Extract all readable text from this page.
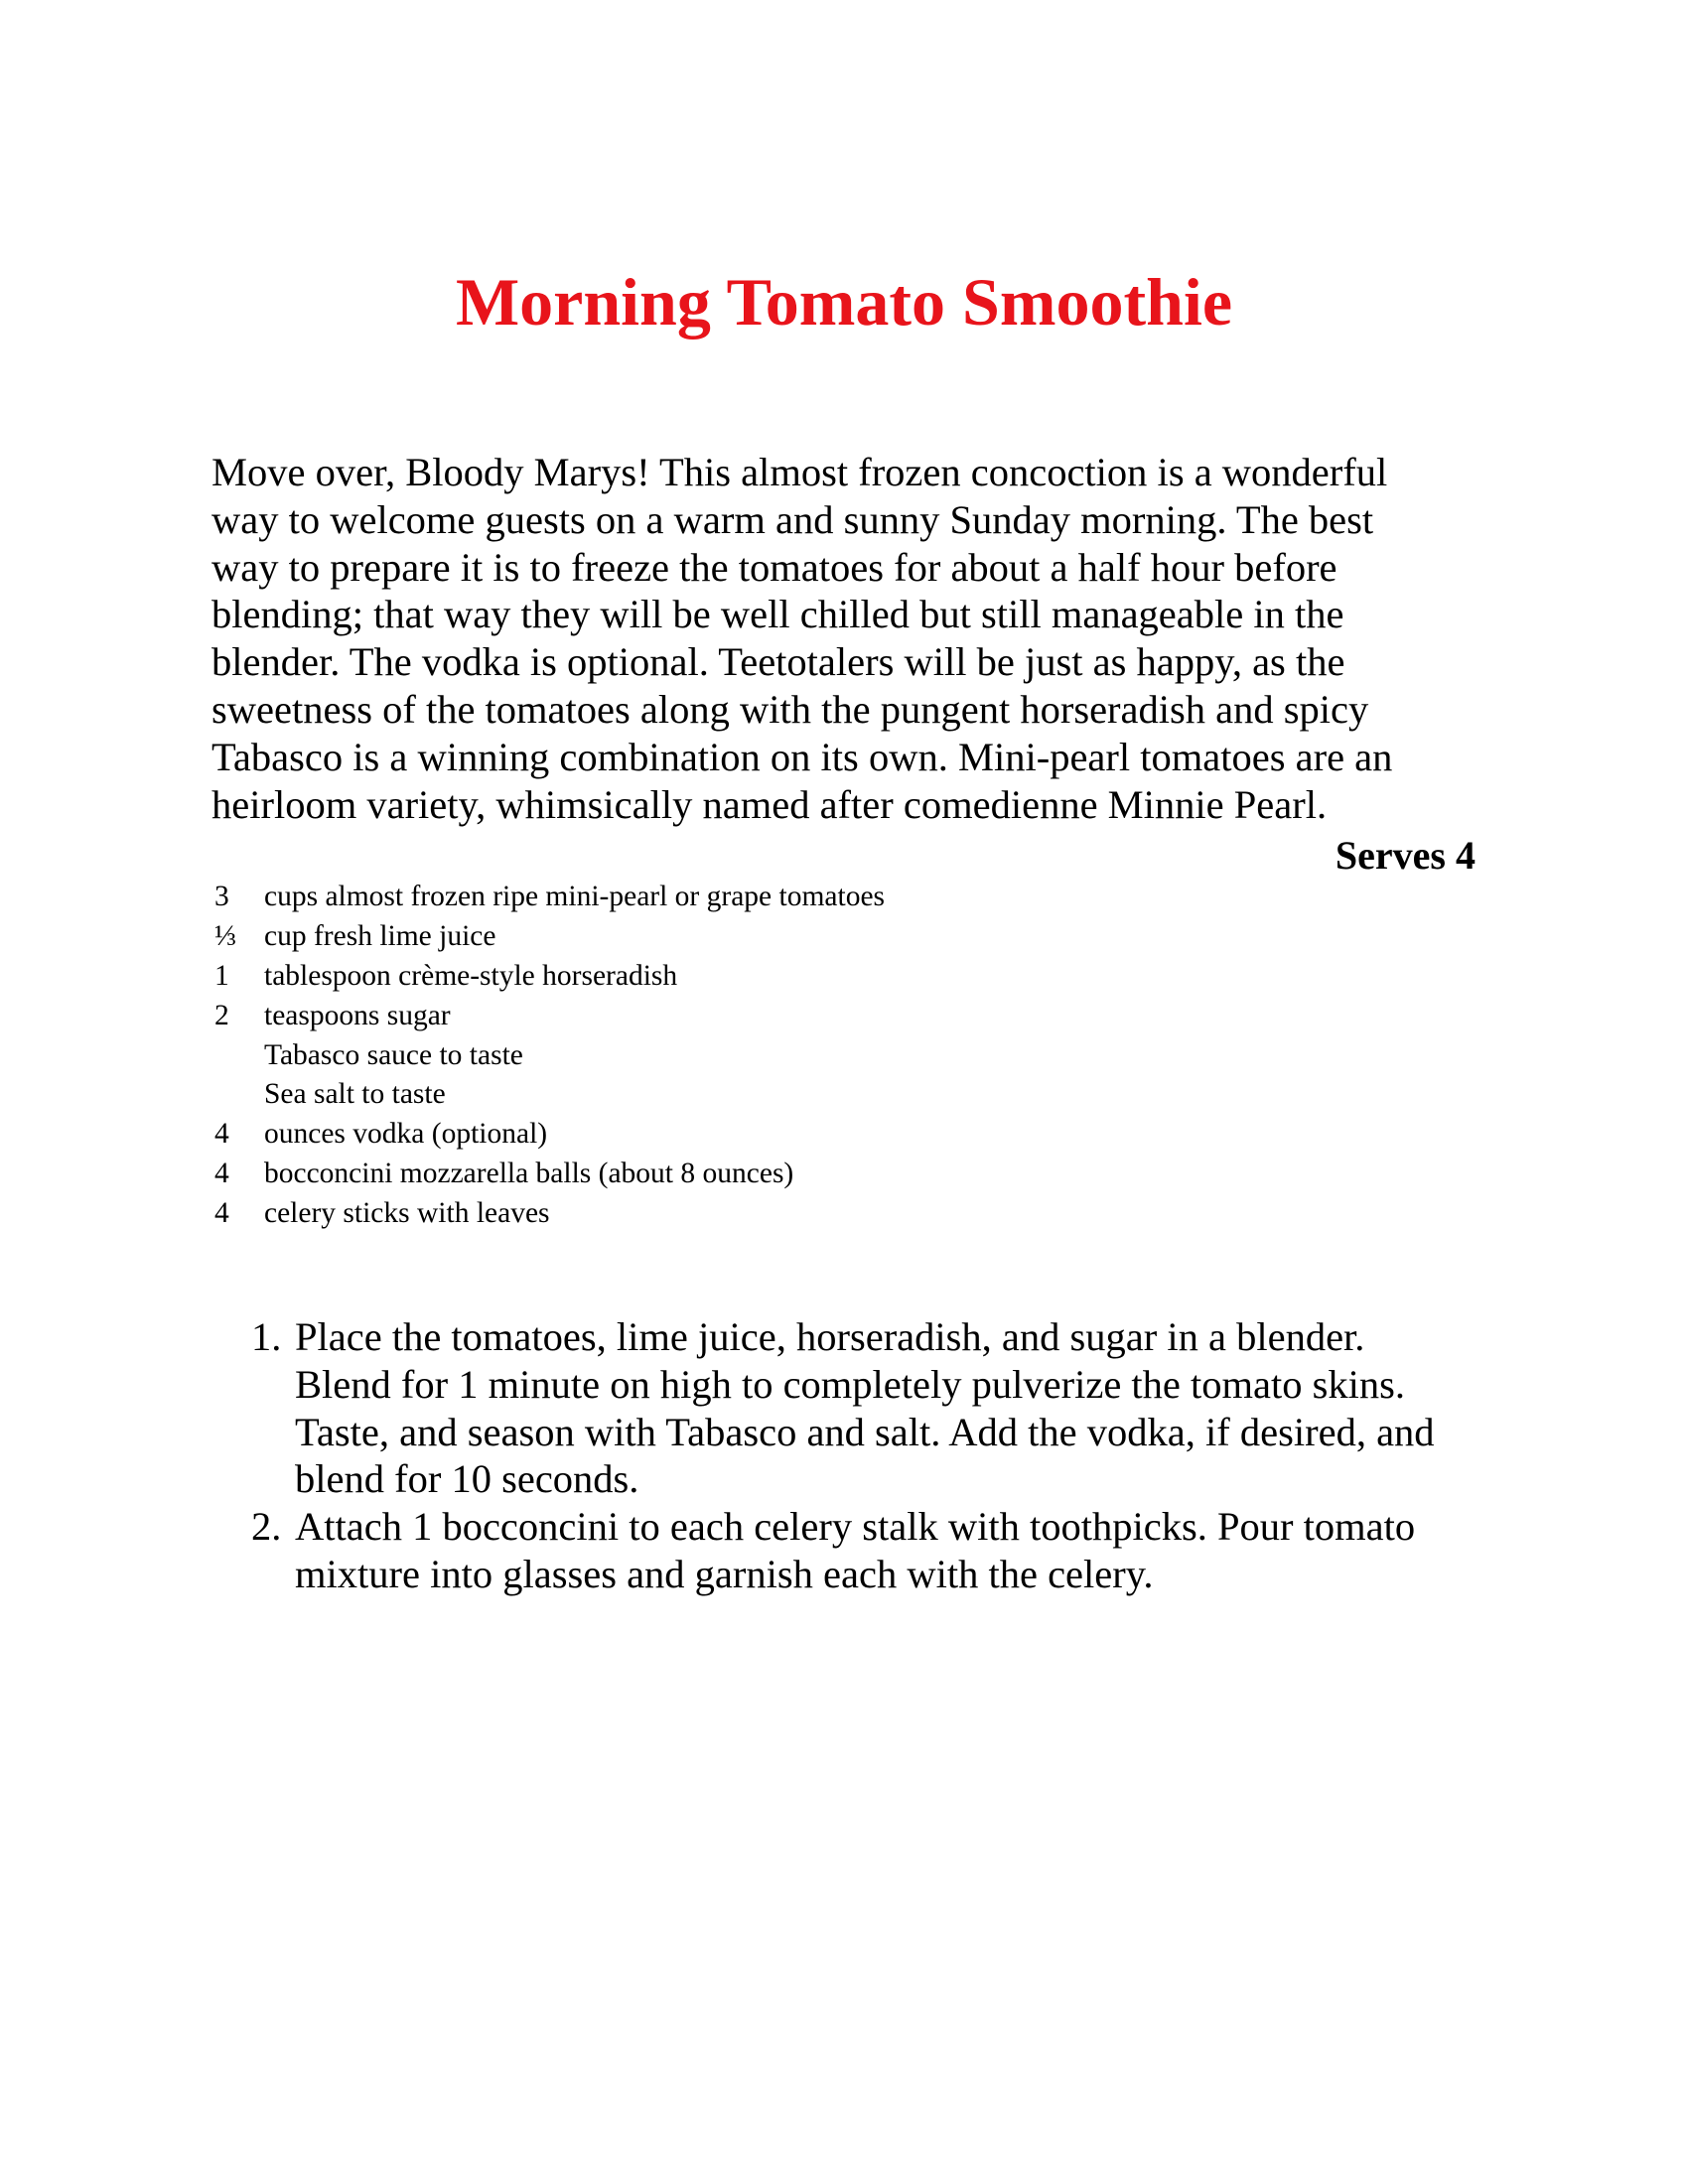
Morning Tomato Smoothie

Move over, Bloody Marys! This almost frozen concoction is a wonderful
way to welcome guests on a warm and sunny Sunday morning. The best
way to prepare it is to freeze the tomatoes for about a half hour before
blending; that way they will be well chilled but still manageable in the
blender. The vodka is optional. Teetotalers will be just as happy, as the
sweetness of the tomatoes along with the pungent horseradish and spicy
Tabasco is a winning combination on its own. Mini-pearl tomatoes are an
heirloom variety, whimsically named after comedienne Minnie Pearl.

Serves 4

3 cups almost frozen ripe mini-pearl or grape tomatoes
⅓ cup fresh lime juice
1 tablespoon crème-style horseradish
2 teaspoons sugar
Tabasco sauce to taste
Sea salt to taste
4 ounces vodka (optional)
4 bocconcini mozzarella balls (about 8 ounces)
4 celery sticks with leaves
1. Place the tomatoes, lime juice, horseradish, and sugar in a blender.
Blend for 1 minute on high to completely pulverize the tomato skins.
Taste, and season with Tabasco and salt. Add the vodka, if desired, and
blend for 10 seconds.
2. Attach 1 bocconcini to each celery stalk with toothpicks. Pour tomato
mixture into glasses and garnish each with the celery.
